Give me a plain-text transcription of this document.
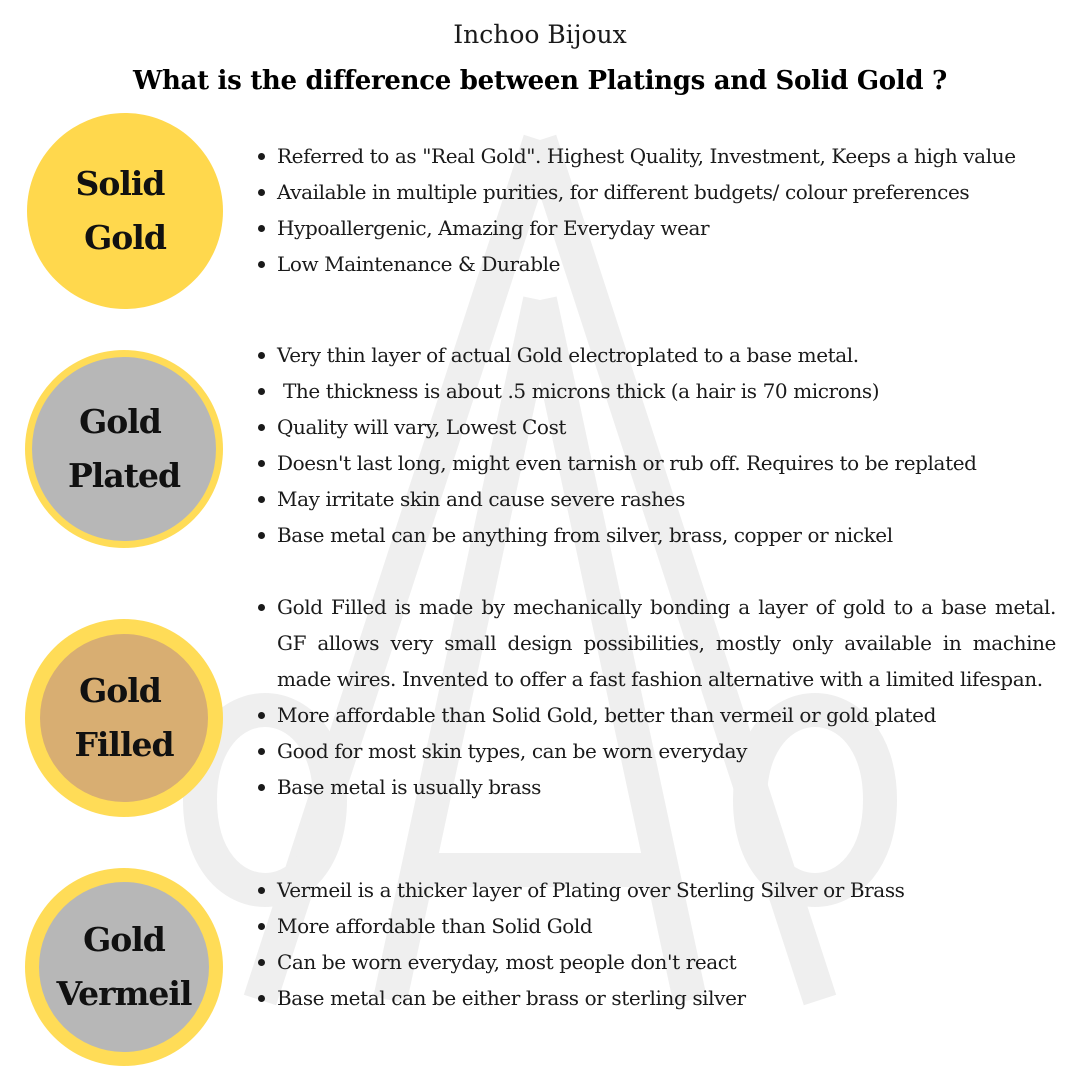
Inchoo Bijoux
What is the difference between Platings and Solid Gold ?
Solid
Gold
Referred to as "Real Gold". Highest Quality, Investment, Keeps a high value
Available in multiple purities, for different budgets/ colour preferences
Hypoallergenic, Amazing for Everyday wear
Low Maintenance & Durable
Gold
Plated
Very thin layer of actual Gold electroplated to a base metal.
The thickness is about .5 microns thick (a hair is 70 microns)
Quality will vary, Lowest Cost
Doesn't last long, might even tarnish or rub off. Requires to be replated
May irritate skin and cause severe rashes
Base metal can be anything from silver, brass, copper or nickel
Gold
Filled
Gold Filled is made by mechanically bonding a layer of gold to a base metal. GF allows very small design possibilities, mostly only available in machine made wires. Invented to offer a fast fashion alternative with a limited lifespan.
More affordable than Solid Gold, better than vermeil or gold plated
Good for most skin types, can be worn everyday
Base metal is usually brass
Gold
Vermeil
Vermeil is a thicker layer of Plating over Sterling Silver or Brass
More affordable than Solid Gold
Can be worn everyday, most people don't react
Base metal can be either brass or sterling silver
